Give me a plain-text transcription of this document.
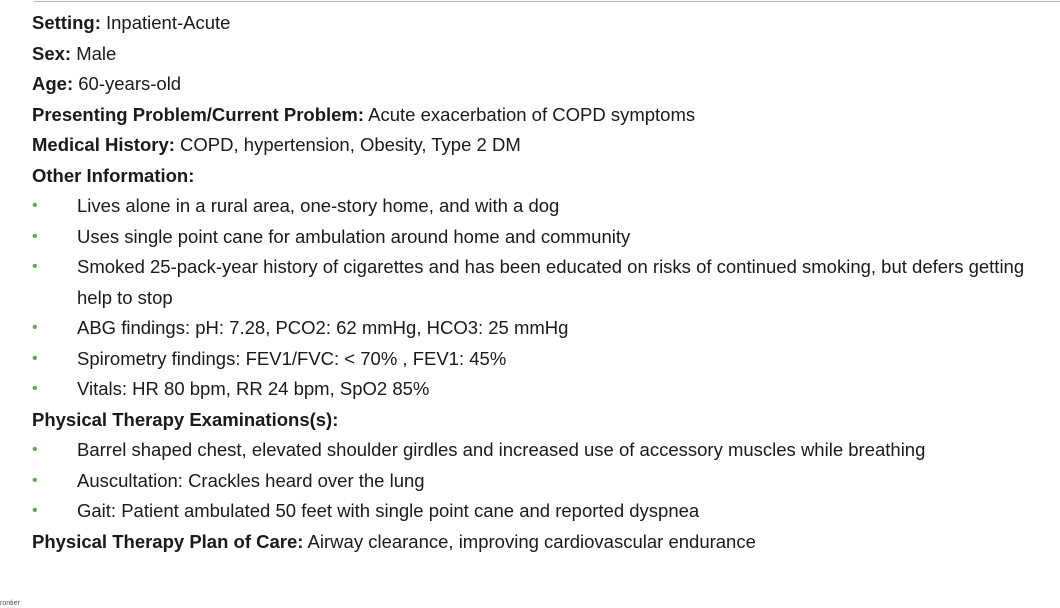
Setting: Inpatient-Acute
Sex: Male
Age: 60-years-old
Presenting Problem/Current Problem: Acute exacerbation of COPD symptoms
Medical History: COPD, hypertension, Obesity, Type 2 DM
Other Information:
• Lives alone in a rural area, one-story home, and with a dog
• Uses single point cane for ambulation around home and community
• Smoked 25-pack-year history of cigarettes and has been educated on risks of continued smoking, but defers getting help to stop
• ABG findings: pH: 7.28, PCO2: 62 mmHg, HCO3: 25 mmHg
• Spirometry findings: FEV1/FVC: < 70% , FEV1: 45%
• Vitals: HR 80 bpm, RR 24 bpm, SpO2 85%
Physical Therapy Examinations(s):
• Barrel shaped chest, elevated shoulder girdles and increased use of accessory muscles while breathing
• Auscultation: Crackles heard over the lung
• Gait: Patient ambulated 50 feet with single point cane and reported dyspnea
Physical Therapy Plan of Care: Airway clearance, improving cardiovascular endurance
rontier
